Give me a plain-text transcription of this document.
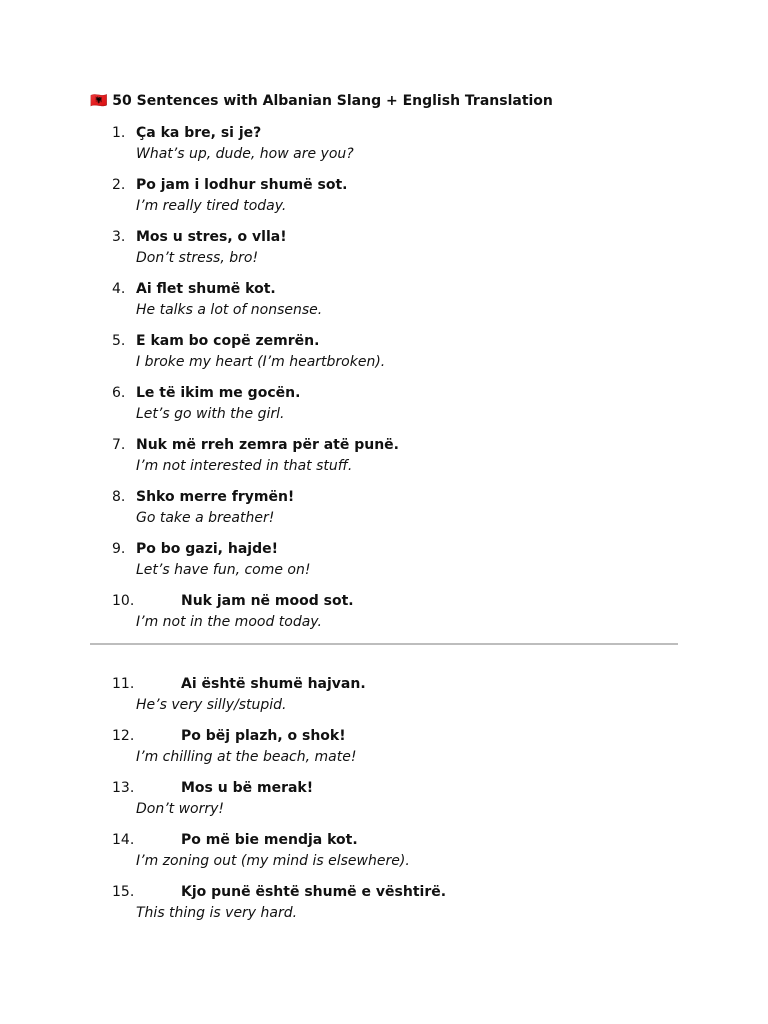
🇦🇱 50 Sentences with Albanian Slang + English Translation
1. Ça ka bre, si je?
What’s up, dude, how are you?
2. Po jam i lodhur shumë sot.
I’m really tired today.
3. Mos u stres, o vlla!
Don’t stress, bro!
4. Ai flet shumë kot.
He talks a lot of nonsense.
5. E kam bo copë zemrën.
I broke my heart (I’m heartbroken).
6. Le të ikim me gocën.
Let’s go with the girl.
7. Nuk më rreh zemra për atë punë.
I’m not interested in that stuff.
8. Shko merre frymën!
Go take a breather!
9. Po bo gazi, hajde!
Let’s have fun, come on!
10.	Nuk jam në mood sot.
I’m not in the mood today.
11.	Ai është shumë hajvan.
He’s very silly/stupid.
12.	Po bëj plazh, o shok!
I’m chilling at the beach, mate!
13.	Mos u bë merak!
Don’t worry!
14.	Po më bie mendja kot.
I’m zoning out (my mind is elsewhere).
15.	Kjo punë është shumë e vështirë.
This thing is very hard.
